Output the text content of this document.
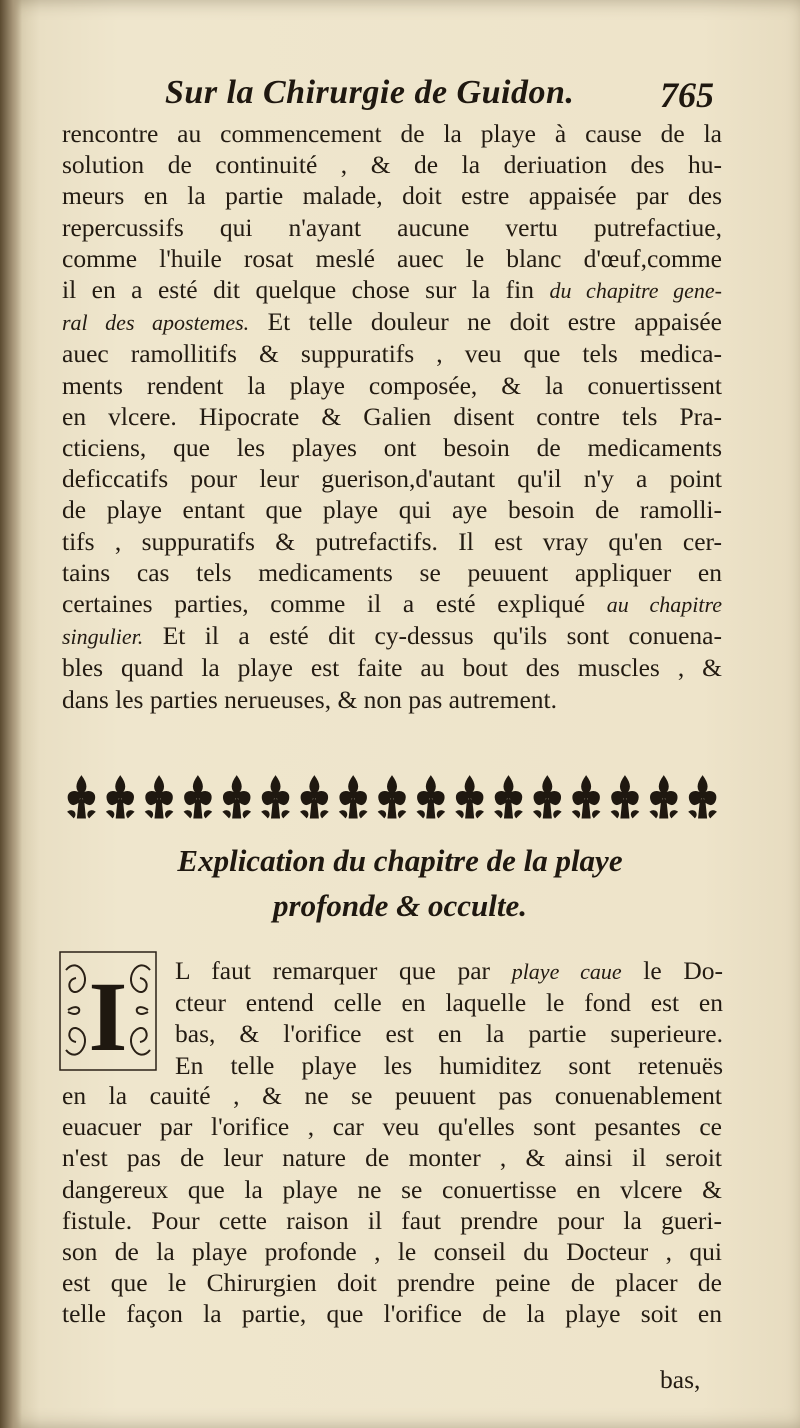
Sur la Chirurgie de Guidon. 765
rencontre au commencement de la playe à cause de la
solution de continuité , & de la deriuation des hu-
meurs en la partie malade, doit estre appaisée par des
repercussifs qui n'ayant aucune vertu putrefactiue,
comme l'huile rosat meslé auec le blanc d'œuf,comme
il en a esté dit quelque chose sur la fin du chapitre gene-
ral des apostemes. Et telle douleur ne doit estre appaisée
auec ramollitifs & suppuratifs , veu que tels medica-
ments rendent la playe composée, & la conuertissent
en vlcere. Hipocrate & Galien disent contre tels Pra-
cticiens, que les playes ont besoin de medicaments
deficcatifs pour leur guerison,d'autant qu'il n'y a point
de playe entant que playe qui aye besoin de ramolli-
tifs , suppuratifs & putrefactifs. Il est vray qu'en cer-
tains cas tels medicaments se peuuent appliquer en
certaines parties, comme il a esté expliqué au chapitre
singulier. Et il a esté dit cy-dessus qu'ils sont conuena-
bles quand la playe est faite au bout des muscles , &
dans les parties nerueuses, & non pas autrement.
Explication du chapitre de la playe
profonde & occulte.
I L faut remarquer que par playe caue le Do-
cteur entend celle en laquelle le fond est en
bas, & l'orifice est en la partie superieure.
En telle playe les humiditez sont retenuës
en la cauité , & ne se peuuent pas conuenablement
euacuer par l'orifice , car veu qu'elles sont pesantes ce
n'est pas de leur nature de monter , & ainsi il seroit
dangereux que la playe ne se conuertisse en vlcere &
fistule. Pour cette raison il faut prendre pour la gueri-
son de la playe profonde , le conseil du Docteur , qui
est que le Chirurgien doit prendre peine de placer de
telle façon la partie, que l'orifice de la playe soit en
bas,
